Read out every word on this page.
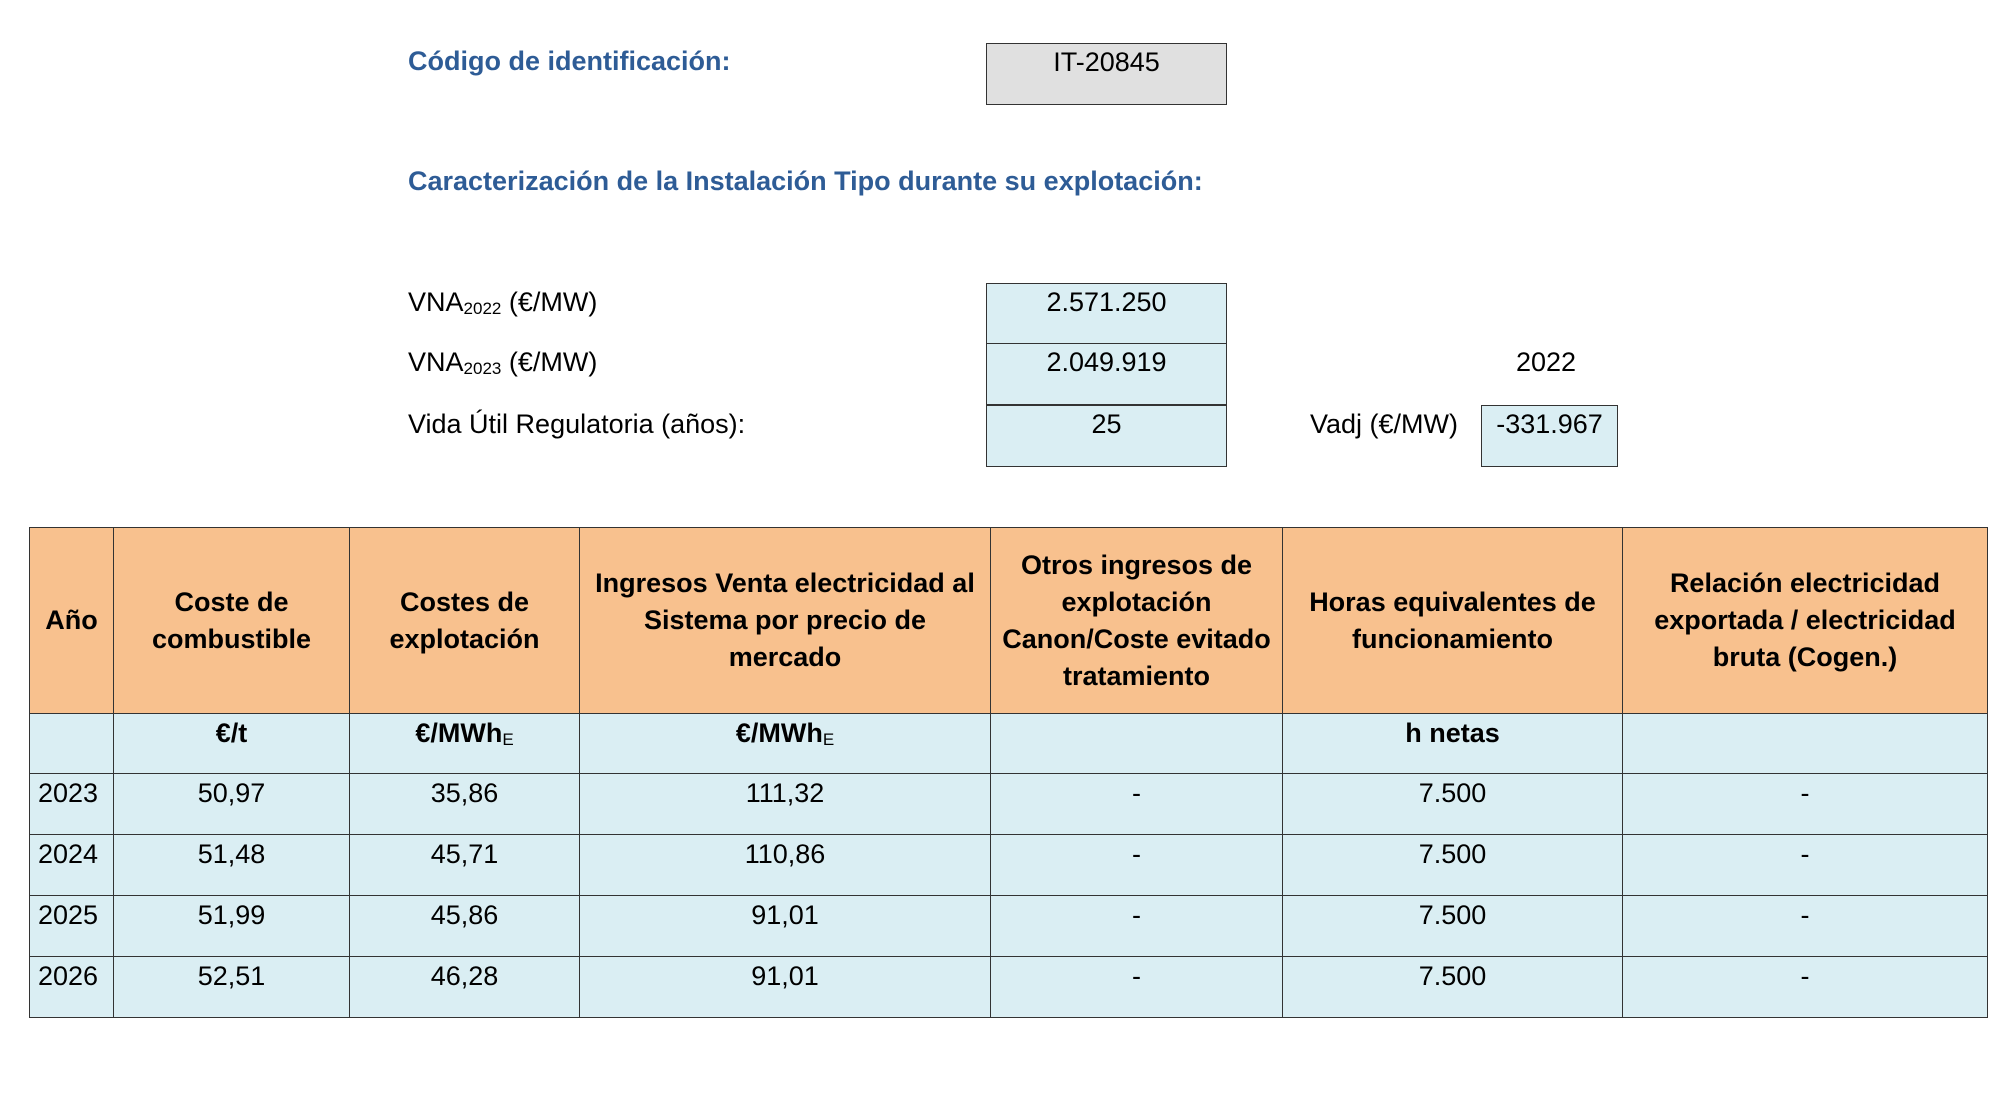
Código de identificación:	IT-20845
Caracterización de la Instalación Tipo durante su explotación:
$VNA_{2022}$ (€/MW)	2.571.250
$VNA_{2023}$ (€/MW)	2.049.919	2022
Vida Útil Regulatoria (años):	25	Vadj (€/MW)	-331.967
Año	Coste de combustible	Costes de explotación	Ingresos Venta electricidad al Sistema por precio de mercado	Otros ingresos de explotación Canon/Coste evitado tratamiento	Horas equivalentes de funcionamiento	Relación electricidad exportada / electricidad bruta (Cogen.)
	€/t	€/MWh$_E$	€/MWh$_E$		h netas	
2023	50,97	35,86	111,32	-	7.500	-
2024	51,48	45,71	110,86	-	7.500	-
2025	51,99	45,86	91,01	-	7.500	-
2026	52,51	46,28	91,01	-	7.500	-
